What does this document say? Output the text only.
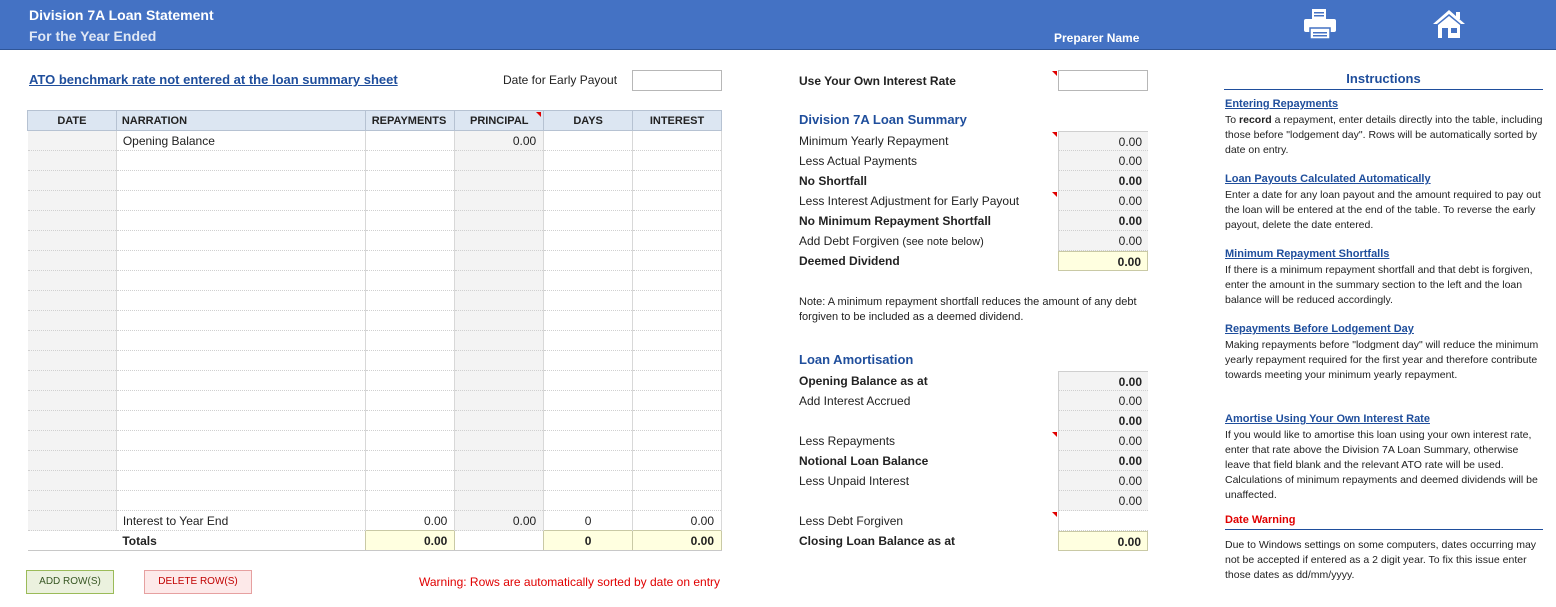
Division 7A Loan Statement
For the Year Ended	Preparer Name
ATO benchmark rate not entered at the loan summary sheet	Date for Early Payout
DATE	NARRATION	REPAYMENTS	PRINCIPAL	DAYS	INTEREST
	Opening Balance		0.00		

	Interest to Year End	0.00	0.00	0	0.00
	Totals	0.00		0	0.00
ADD ROW(S)	DELETE ROW(S)	Warning: Rows are automatically sorted by date on entry
Use Your Own Interest Rate
Division 7A Loan Summary
Minimum Yearly Repayment	0.00
Less Actual Payments	0.00
No Shortfall	0.00
Less Interest Adjustment for Early Payout	0.00
No Minimum Repayment Shortfall	0.00
Add Debt Forgiven (see note below)	0.00
Deemed Dividend	0.00
Note: A minimum repayment shortfall reduces the amount of any debt forgiven to be included as a deemed dividend.
Loan Amortisation
Opening Balance as at	0.00
Add Interest Accrued	0.00
0.00
Less Repayments	0.00
Notional Loan Balance	0.00
Less Unpaid Interest	0.00
0.00
Less Debt Forgiven
Closing Loan Balance as at	0.00
Instructions
Entering Repayments
To record a repayment, enter details directly into the table, including those before "lodgement day". Rows will be automatically sorted by date on entry.
Loan Payouts Calculated Automatically
Enter a date for any loan payout and the amount required to pay out the loan will be entered at the end of the table. To reverse the early payout, delete the date entered.
Minimum Repayment Shortfalls
If there is a minimum repayment shortfall and that debt is forgiven, enter the amount in the summary section to the left and the loan balance will be reduced accordingly.
Repayments Before Lodgement Day
Making repayments before "lodgment day" will reduce the minimum yearly repayment required for the first year and therefore contribute towards meeting your minimum yearly repayment.
Amortise Using Your Own Interest Rate
If you would like to amortise this loan using your own interest rate, enter that rate above the Division 7A Loan Summary, otherwise leave that field blank and the relevant ATO rate will be used. Calculations of minimum repayments and deemed dividends will be unaffected.
Date Warning
Due to Windows settings on some computers, dates occurring may not be accepted if entered as a 2 digit year. To fix this issue enter those dates as dd/mm/yyyy.
